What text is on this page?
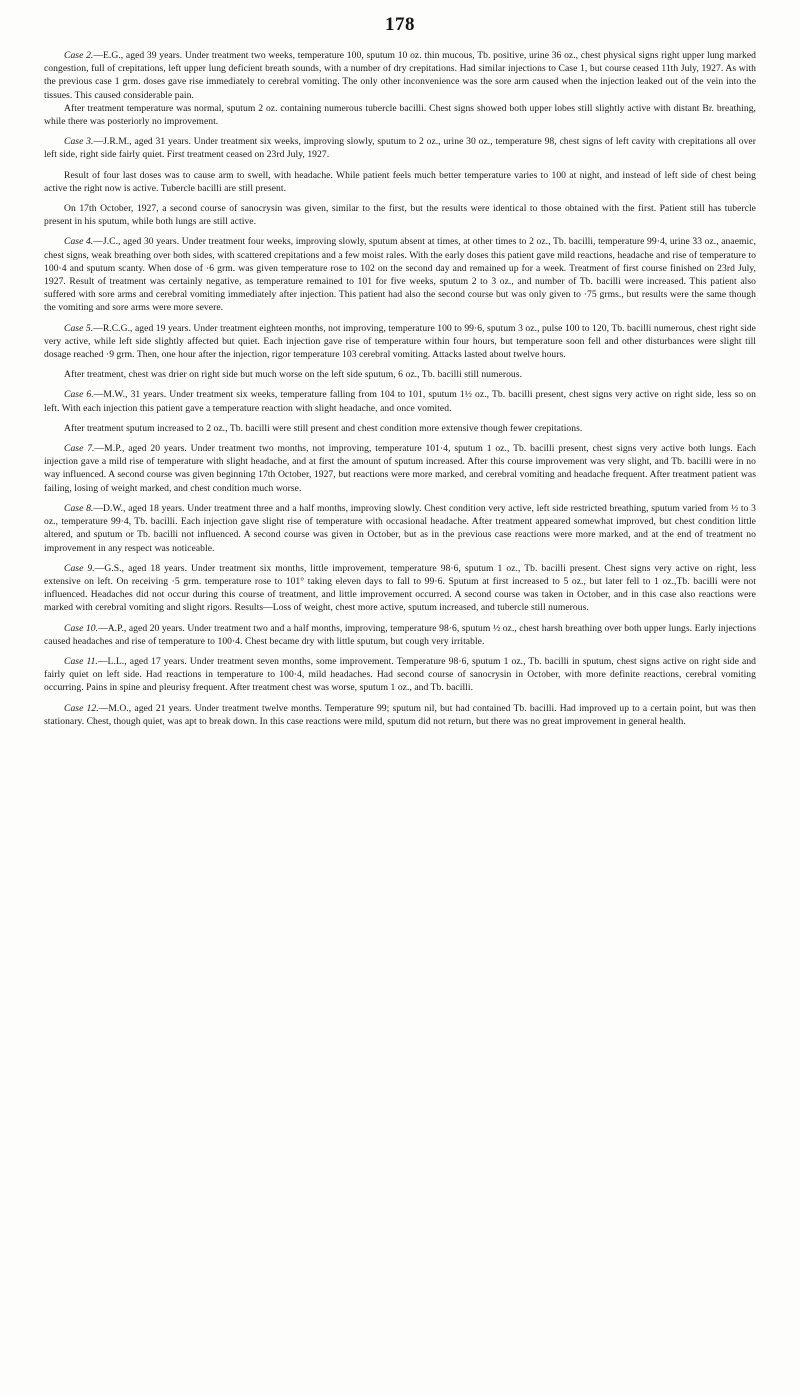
178

Case 2.—E.G., aged 39 years. Under treatment two weeks, temperature 100, sputum 10 oz. thin mucous, Tb. positive, urine 36 oz., chest physical signs right upper lung marked congestion, full of crepitations, left upper lung deficient breath sounds, with a number of dry crepitations. Had similar injections to Case 1, but course ceased 11th July, 1927. As with the previous case 1 grm. doses gave rise immediately to cerebral vomiting. The only other inconvenience was the sore arm caused when the injection leaked out of the vein into the tissues. This caused considerable pain.

After treatment temperature was normal, sputum 2 oz. containing numerous tubercle bacilli. Chest signs showed both upper lobes still slightly active with distant Br. breathing, while there was posteriorly no improvement.

Case 3.—J.R.M., aged 31 years. Under treatment six weeks, improving slowly, sputum to 2 oz., urine 30 oz., temperature 98, chest signs of left cavity with crepitations all over left side, right side fairly quiet. First treatment ceased on 23rd July, 1927.

Result of four last doses was to cause arm to swell, with headache. While patient feels much better temperature varies to 100 at night, and instead of left side of chest being active the right now is active. Tubercle bacilli are still present.

On 17th October, 1927, a second course of sanocrysin was given, similar to the first, but the results were identical to those obtained with the first. Patient still has tubercle present in his sputum, while both lungs are still active.

Case 4.—J.C., aged 30 years. Under treatment four weeks, improving slowly, sputum absent at times, at other times to 2 oz., Tb. bacilli, temperature 99·4, urine 33 oz., anaemic, chest signs, weak breathing over both sides, with scattered crepitations and a few moist rales. With the early doses this patient gave mild reactions, headache and rise of temperature to 100·4 and sputum scanty. When dose of ·6 grm. was given temperature rose to 102 on the second day and remained up for a week. Treatment of first course finished on 23rd July, 1927. Result of treatment was certainly negative, as temperature remained to 101 for five weeks, sputum 2 to 3 oz., and number of Tb. bacilli were increased. This patient also suffered with sore arms and cerebral vomiting immediately after injection. This patient had also the second course but was only given to ·75 grms., but results were the same though the vomiting and sore arms were more severe.

Case 5.—R.C.G., aged 19 years. Under treatment eighteen months, not improving, temperature 100 to 99·6, sputum 3 oz., pulse 100 to 120, Tb. bacilli numerous, chest right side very active, while left side slightly affected but quiet. Each injection gave rise of temperature within four hours, but temperature soon fell and other disturbances were slight till dosage reached ·9 grm. Then, one hour after the injection, rigor temperature 103 cerebral vomiting. Attacks lasted about twelve hours.

After treatment, chest was drier on right side but much worse on the left side sputum, 6 oz., Tb. bacilli still numerous.

Case 6.—M.W., 31 years. Under treatment six weeks, temperature falling from 104 to 101, sputum 1½ oz., Tb. bacilli present, chest signs very active on right side, less so on left. With each injection this patient gave a temperature reaction with slight headache, and once vomited.

After treatment sputum increased to 2 oz., Tb. bacilli were still present and chest condition more extensive though fewer crepitations.

Case 7.—M.P., aged 20 years. Under treatment two months, not improving, temperature 101·4, sputum 1 oz., Tb. bacilli present, chest signs very active both lungs. Each injection gave a mild rise of temperature with slight headache, and at first the amount of sputum increased. After this course improvement was very slight, and Tb. bacilli were in no way influenced. A second course was given beginning 17th October, 1927, but reactions were more marked, and cerebral vomiting and headache frequent. After treatment patient was failing, losing of weight marked, and chest condition much worse.

Case 8.—D.W., aged 18 years. Under treatment three and a half months, improving slowly. Chest condition very active, left side restricted breathing, sputum varied from ½ to 3 oz., temperature 99·4, Tb. bacilli. Each injection gave slight rise of temperature with occasional headache. After treatment appeared somewhat improved, but chest condition little altered, and sputum or Tb. bacilli not influenced. A second course was given in October, but as in the previous case reactions were more marked, and at the end of treatment no improvement in any respect was noticeable.

Case 9.—G.S., aged 18 years. Under treatment six months, little improvement, temperature 98·6, sputum 1 oz., Tb. bacilli present. Chest signs very active on right, less extensive on left. On receiving ·5 grm. temperature rose to 101° taking eleven days to fall to 99·6. Sputum at first increased to 5 oz., but later fell to 1 oz.,Tb. bacilli were not influenced. Headaches did not occur during this course of treatment, and little improvement occurred. A second course was taken in October, and in this case also reactions were marked with cerebral vomiting and slight rigors. Results—Loss of weight, chest more active, sputum increased, and tubercle still numerous.

Case 10.—A.P., aged 20 years. Under treatment two and a half months, improving, temperature 98·6, sputum ½ oz., chest harsh breathing over both upper lungs. Early injections caused headaches and rise of temperature to 100·4. Chest became dry with little sputum, but cough very irritable.

Case 11.—L.L., aged 17 years. Under treatment seven months, some improvement. Temperature 98·6, sputum 1 oz., Tb. bacilli in sputum, chest signs active on right side and fairly quiet on left side. Had reactions in temperature to 100·4, mild headaches. Had second course of sanocrysin in October, with more definite reactions, cerebral vomiting occurring. Pains in spine and pleurisy frequent. After treatment chest was worse, sputum 1 oz., and Tb. bacilli.

Case 12.—M.O., aged 21 years. Under treatment twelve months. Temperature 99; sputum nil, but had contained Tb. bacilli. Had improved up to a certain point, but was then stationary. Chest, though quiet, was apt to break down. In this case reactions were mild, sputum did not return, but there was no great improvement in general health.
